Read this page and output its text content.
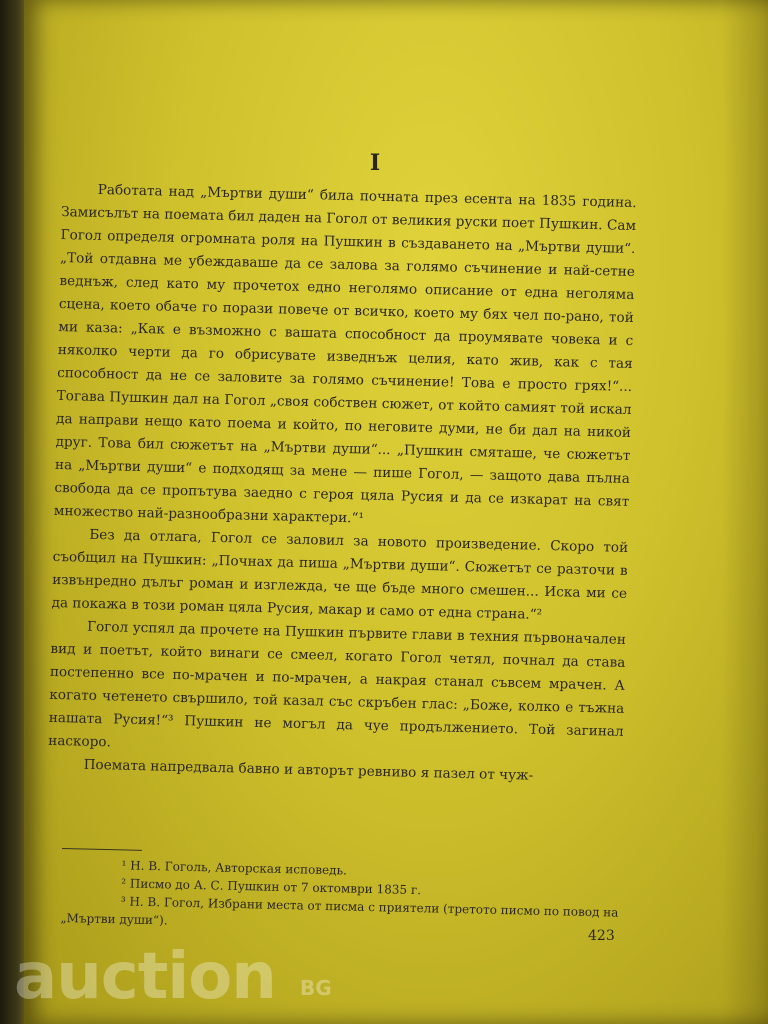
I

Работата над „Мъртви души“ била почната през есента на 1835 година. Замисълът на поемата бил даден на Гогол от великия руски поет Пушкин. Сам Гогол определя огромната роля на Пушкин в създаването на „Мъртви души“. „Той отдавна ме убеждаваше да се залова за голямо съчинение и най-сетне веднъж, след като му прочетох едно неголямо описание от една неголяма сцена, което обаче го порази повече от всичко, което му бях чел по-рано, той ми каза: „Как е възможно с вашата способност да проумявате човека и с няколко черти да го обрисувате изведнъж целия, като жив, как с тая способност да не се заловите за голямо съчинение! Това е просто грях!“... Тогава Пушкин дал на Гогол „своя собствен сюжет, от който самият той искал да направи нещо като поема и който, по неговите думи, не би дал на никой друг. Това бил сюжетът на „Мъртви души“... „Пушкин смяташе, че сюжетът на „Мъртви души“ е подходящ за мене — пише Гогол, — защото дава пълна свобода да се пропътува заедно с героя цяла Русия и да се изкарат на свят множество най-разнообразни характери.“¹

Без да отлага, Гогол се заловил за новото произведение. Скоро той съобщил на Пушкин: „Почнах да пиша „Мъртви души“. Сюжетът се разточи в извънредно дълъг роман и изглежда, че ще бъде много смешен... Иска ми се да покажа в този роман цяла Русия, макар и само от една страна.“²

Гогол успял да прочете на Пушкин първите глави в техния първоначален вид и поетът, който винаги се смеел, когато Гогол четял, почнал да става постепенно все по-мрачен и по-мрачен, а накрая станал съвсем мрачен. А когато четенето свършило, той казал със скръбен глас: „Боже, колко е тъжна нашата Русия!“³ Пушкин не могъл да чуе продължението. Той загинал наскоро.

Поемата напредвала бавно и авторът ревниво я пазел от чуж-

¹ Н. В. Гоголь, Авторская исповедь.

² Писмо до А. С. Пушкин от 7 октомври 1835 г.

³ Н. В. Гогол, Избрани места от писма с приятели (третото писмо по повод на „Мъртви души“).

423
auction BG
